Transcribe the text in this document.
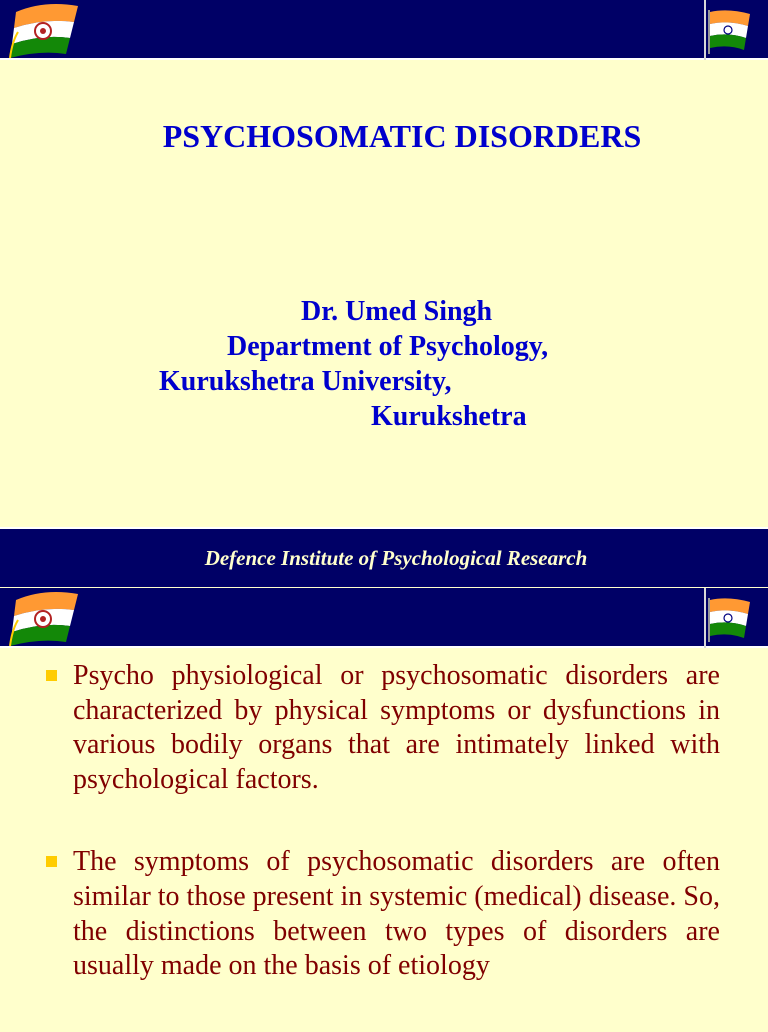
PSYCHOSOMATIC DISORDERS

Dr. Umed Singh

Department of Psychology,

Kurukshetra University,

Kurukshetra

Defence Institute of Psychological Research
Psycho physiological or psychosomatic disorders are characterized by physical symptoms or dysfunctions in various bodily organs that are intimately linked with psychological factors.
The symptoms of psychosomatic disorders are often similar to those present in systemic (medical) disease. So, the distinctions between two types of disorders are usually made on the basis of etiology
